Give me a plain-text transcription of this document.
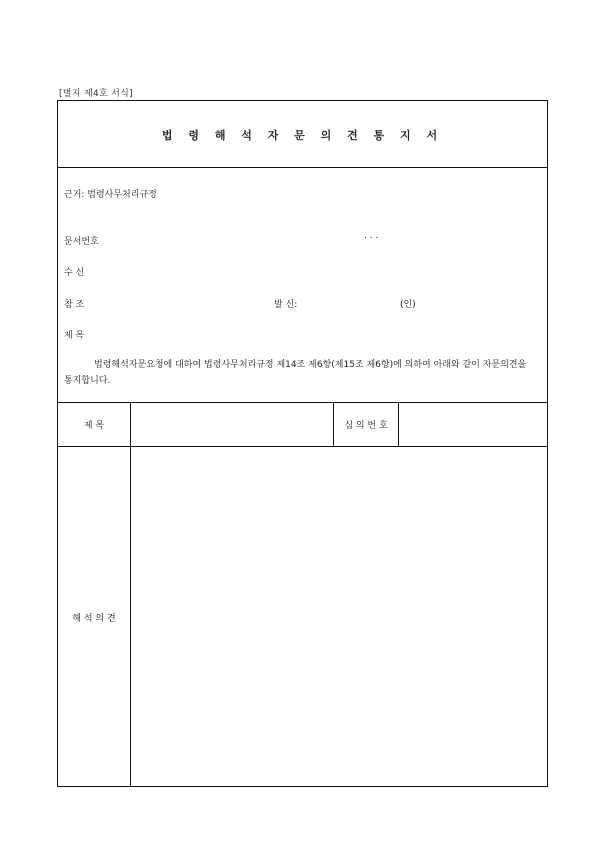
[별지 제4호 서식]
법 령 해 석 자 문 의 견 통 지 서
근거: 법령사무처리규정
문서번호
. . .
수 신
참 조	발 신:	(인)
제 목
법령해석자문요청에 대하여 법령사무처리규정 제14조 제6항(제15조 제6항)에 의하여 아래와 같이 자문의견을 통지합니다.
제 목	심 의 번 호
해 석 의 견
